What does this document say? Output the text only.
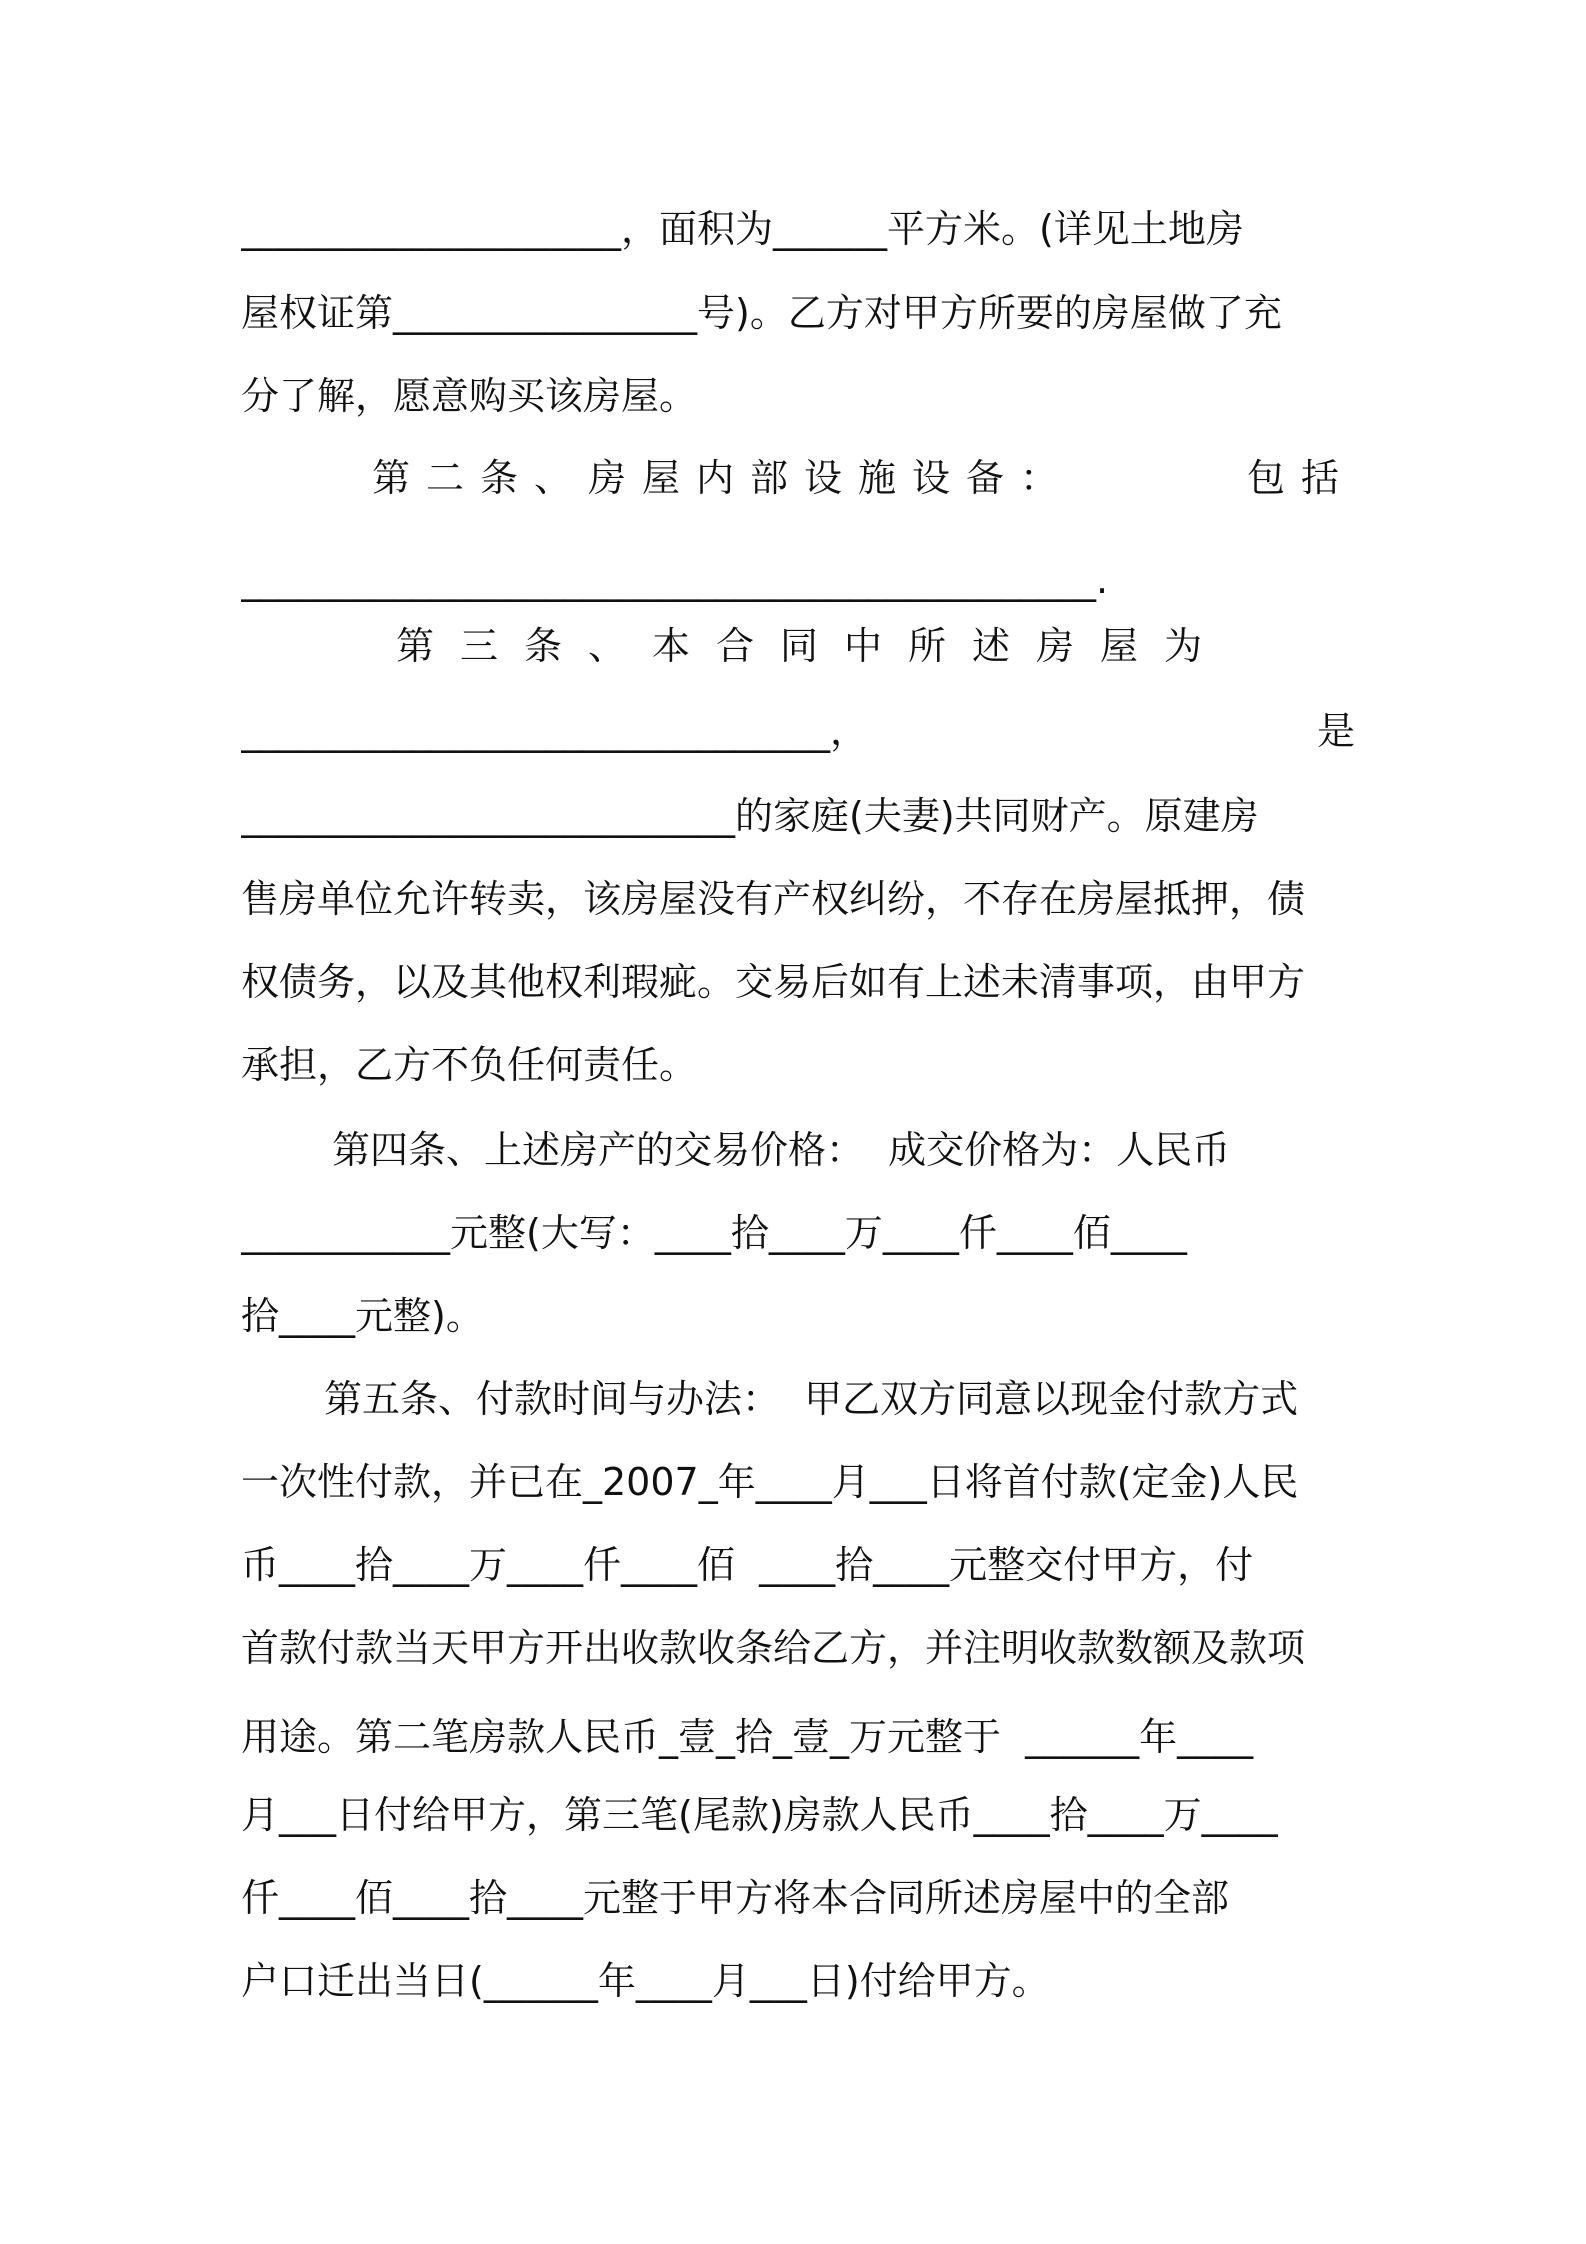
____________________，面积为______平方米。(详见土地房
屋权证第________________号)。乙方对甲方所要的房屋做了充
分了解，愿意购买该房屋。
第二条、房屋内部设施设备：	包括
_____________________________________________.
第三条、本合同中所述房屋为
_______________________________，	是
__________________________的家庭(夫妻)共同财产。原建房
售房单位允许转卖，该房屋没有产权纠纷，不存在房屋抵押，债
权债务，以及其他权利瑕疵。交易后如有上述未清事项，由甲方
承担，乙方不负任何责任。
第四条、上述房产的交易价格：  成交价格为：人民币
___________元整(大写：____拾____万____仟____佰____
拾____元整)。
第五条、付款时间与办法：  甲乙双方同意以现金付款方式
一次性付款，并已在_2007_年____月___日将首付款(定金)人民
币____拾____万____仟____佰  ____拾____元整交付甲方，付
首款付款当天甲方开出收款收条给乙方，并注明收款数额及款项
用途。第二笔房款人民币_壹_拾_壹_万元整于  ______年____
月___日付给甲方，第三笔(尾款)房款人民币____拾____万____
仟____佰____拾____元整于甲方将本合同所述房屋中的全部
户口迁出当日(______年____月___日)付给甲方。
